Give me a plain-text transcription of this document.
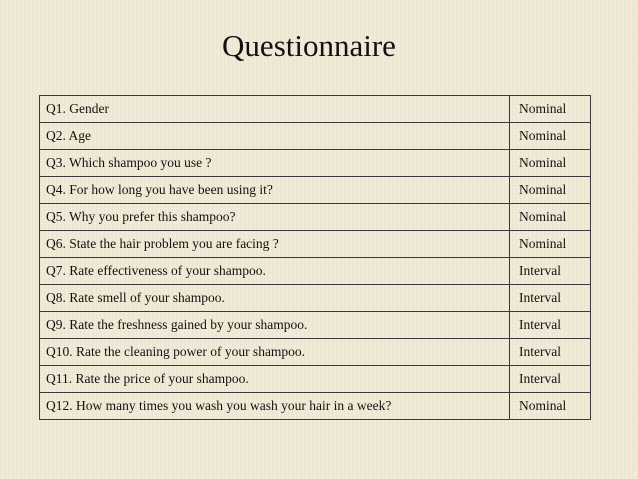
Questionnaire
Q1. Gender	Nominal
Q2. Age	Nominal
Q3. Which shampoo you use ?	Nominal
Q4. For how long you have been using it?	Nominal
Q5. Why you prefer this shampoo?	Nominal
Q6. State the hair problem you are facing ?	Nominal
Q7. Rate effectiveness of your shampoo.	Interval
Q8. Rate smell of your shampoo.	Interval
Q9. Rate the freshness gained by your shampoo.	Interval
Q10. Rate the cleaning power of your shampoo.	Interval
Q11. Rate the price of your shampoo.	Interval
Q12. How many times you wash you wash your hair in a week?	Nominal
